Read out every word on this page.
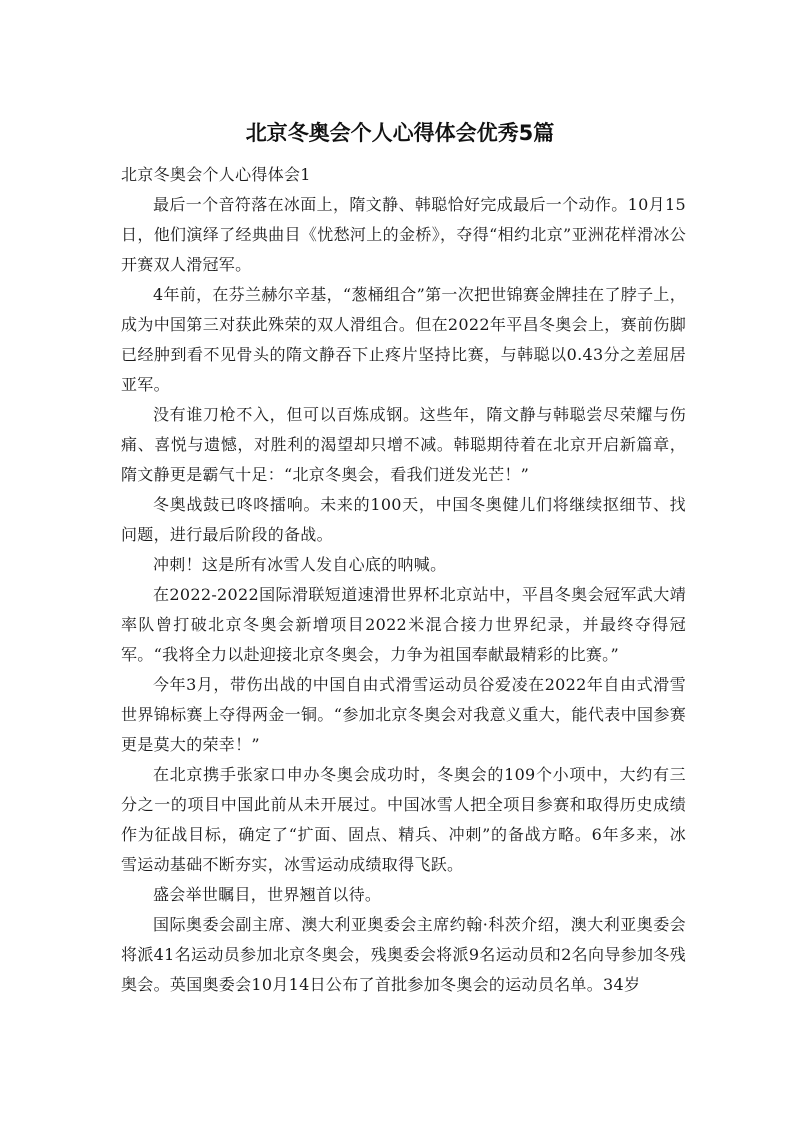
北京冬奥会个人心得体会优秀5篇

北京冬奥会个人心得体会1

最后一个音符落在冰面上，隋文静、韩聪恰好完成最后一个动作。10月15日，他们演绎了经典曲目《忧愁河上的金桥》，夺得“相约北京”亚洲花样滑冰公开赛双人滑冠军。

4年前，在芬兰赫尔辛基，“葱桶组合”第一次把世锦赛金牌挂在了脖子上，成为中国第三对获此殊荣的双人滑组合。但在2022年平昌冬奥会上，赛前伤脚已经肿到看不见骨头的隋文静吞下止疼片坚持比赛，与韩聪以0.43分之差屈居亚军。

没有谁刀枪不入，但可以百炼成钢。这些年，隋文静与韩聪尝尽荣耀与伤痛、喜悦与遗憾，对胜利的渴望却只增不减。韩聪期待着在北京开启新篇章，隋文静更是霸气十足：“北京冬奥会，看我们迸发光芒！”

冬奥战鼓已咚咚擂响。未来的100天，中国冬奥健儿们将继续抠细节、找问题，进行最后阶段的备战。

冲刺！这是所有冰雪人发自心底的呐喊。

在2022-2022国际滑联短道速滑世界杯北京站中，平昌冬奥会冠军武大靖率队曾打破北京冬奥会新增项目2022米混合接力世界纪录，并最终夺得冠军。“我将全力以赴迎接北京冬奥会，力争为祖国奉献最精彩的比赛。”

今年3月，带伤出战的中国自由式滑雪运动员谷爱凌在2022年自由式滑雪世界锦标赛上夺得两金一铜。“参加北京冬奥会对我意义重大，能代表中国参赛更是莫大的荣幸！”

在北京携手张家口申办冬奥会成功时，冬奥会的109个小项中，大约有三分之一的项目中国此前从未开展过。中国冰雪人把全项目参赛和取得历史成绩作为征战目标，确定了“扩面、固点、精兵、冲刺”的备战方略。6年多来，冰雪运动基础不断夯实，冰雪运动成绩取得飞跃。

盛会举世瞩目，世界翘首以待。

国际奥委会副主席、澳大利亚奥委会主席约翰·科茨介绍，澳大利亚奥委会将派41名运动员参加北京冬奥会，残奥委会将派9名运动员和2名向导参加冬残奥会。英国奥委会10月14日公布了首批参加冬奥会的运动员名单。34岁
